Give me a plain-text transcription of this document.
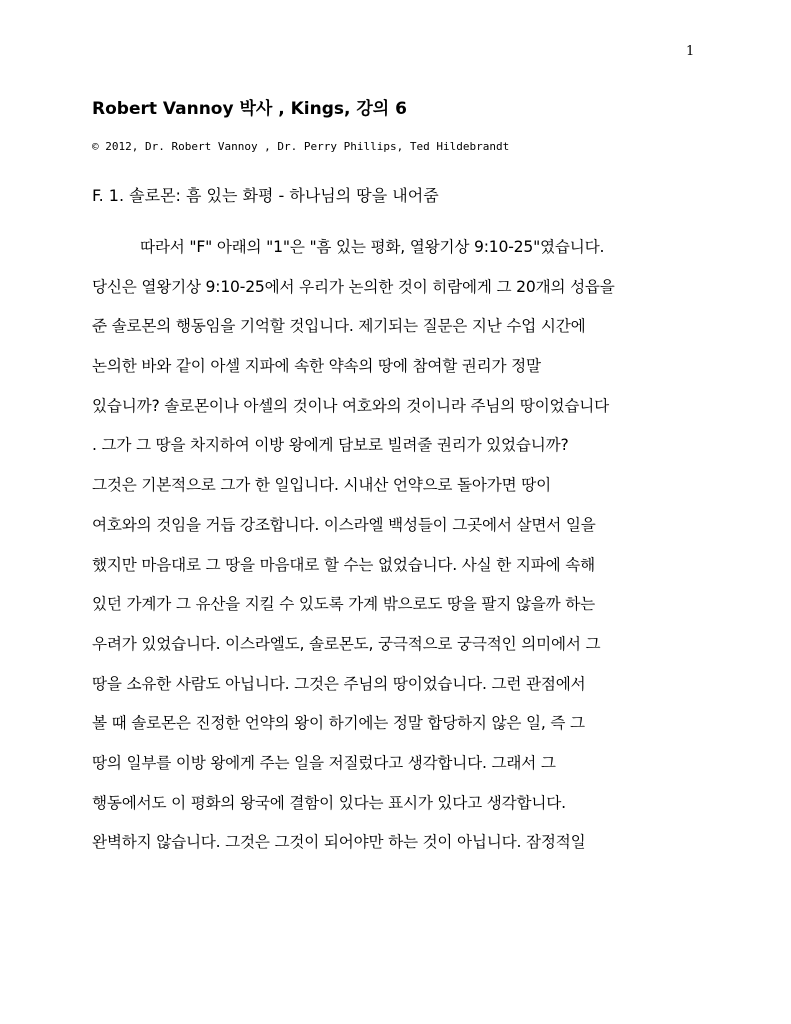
1
Robert Vannoy 박사 , Kings, 강의 6
© 2012, Dr. Robert Vannoy , Dr. Perry Phillips, Ted Hildebrandt
F. 1. 솔로몬: 흠 있는 화평 - 하나님의 땅을 내어줌
따라서 "F" 아래의 "1"은 "흠 있는 평화, 열왕기상 9:10-25"였습니다.
당신은 열왕기상 9:10-25에서 우리가 논의한 것이 히람에게 그 20개의 성읍을
준 솔로몬의 행동임을 기억할 것입니다. 제기되는 질문은 지난 수업 시간에
논의한 바와 같이 아셀 지파에 속한 약속의 땅에 참여할 권리가 정말
있습니까? 솔로몬이나 아셀의 것이나 여호와의 것이니라 주님의 땅이었습니다
. 그가 그 땅을 차지하여 이방 왕에게 담보로 빌려줄 권리가 있었습니까?
그것은 기본적으로 그가 한 일입니다. 시내산 언약으로 돌아가면 땅이
여호와의 것임을 거듭 강조합니다. 이스라엘 백성들이 그곳에서 살면서 일을
했지만 마음대로 그 땅을 마음대로 할 수는 없었습니다. 사실 한 지파에 속해
있던 가계가 그 유산을 지킬 수 있도록 가계 밖으로도 땅을 팔지 않을까 하는
우려가 있었습니다. 이스라엘도, 솔로몬도, 궁극적으로 궁극적인 의미에서 그
땅을 소유한 사람도 아닙니다. 그것은 주님의 땅이었습니다. 그런 관점에서
볼 때 솔로몬은 진정한 언약의 왕이 하기에는 정말 합당하지 않은 일, 즉 그
땅의 일부를 이방 왕에게 주는 일을 저질렀다고 생각합니다. 그래서 그
행동에서도 이 평화의 왕국에 결함이 있다는 표시가 있다고 생각합니다.
완벽하지 않습니다. 그것은 그것이 되어야만 하는 것이 아닙니다. 잠정적일
